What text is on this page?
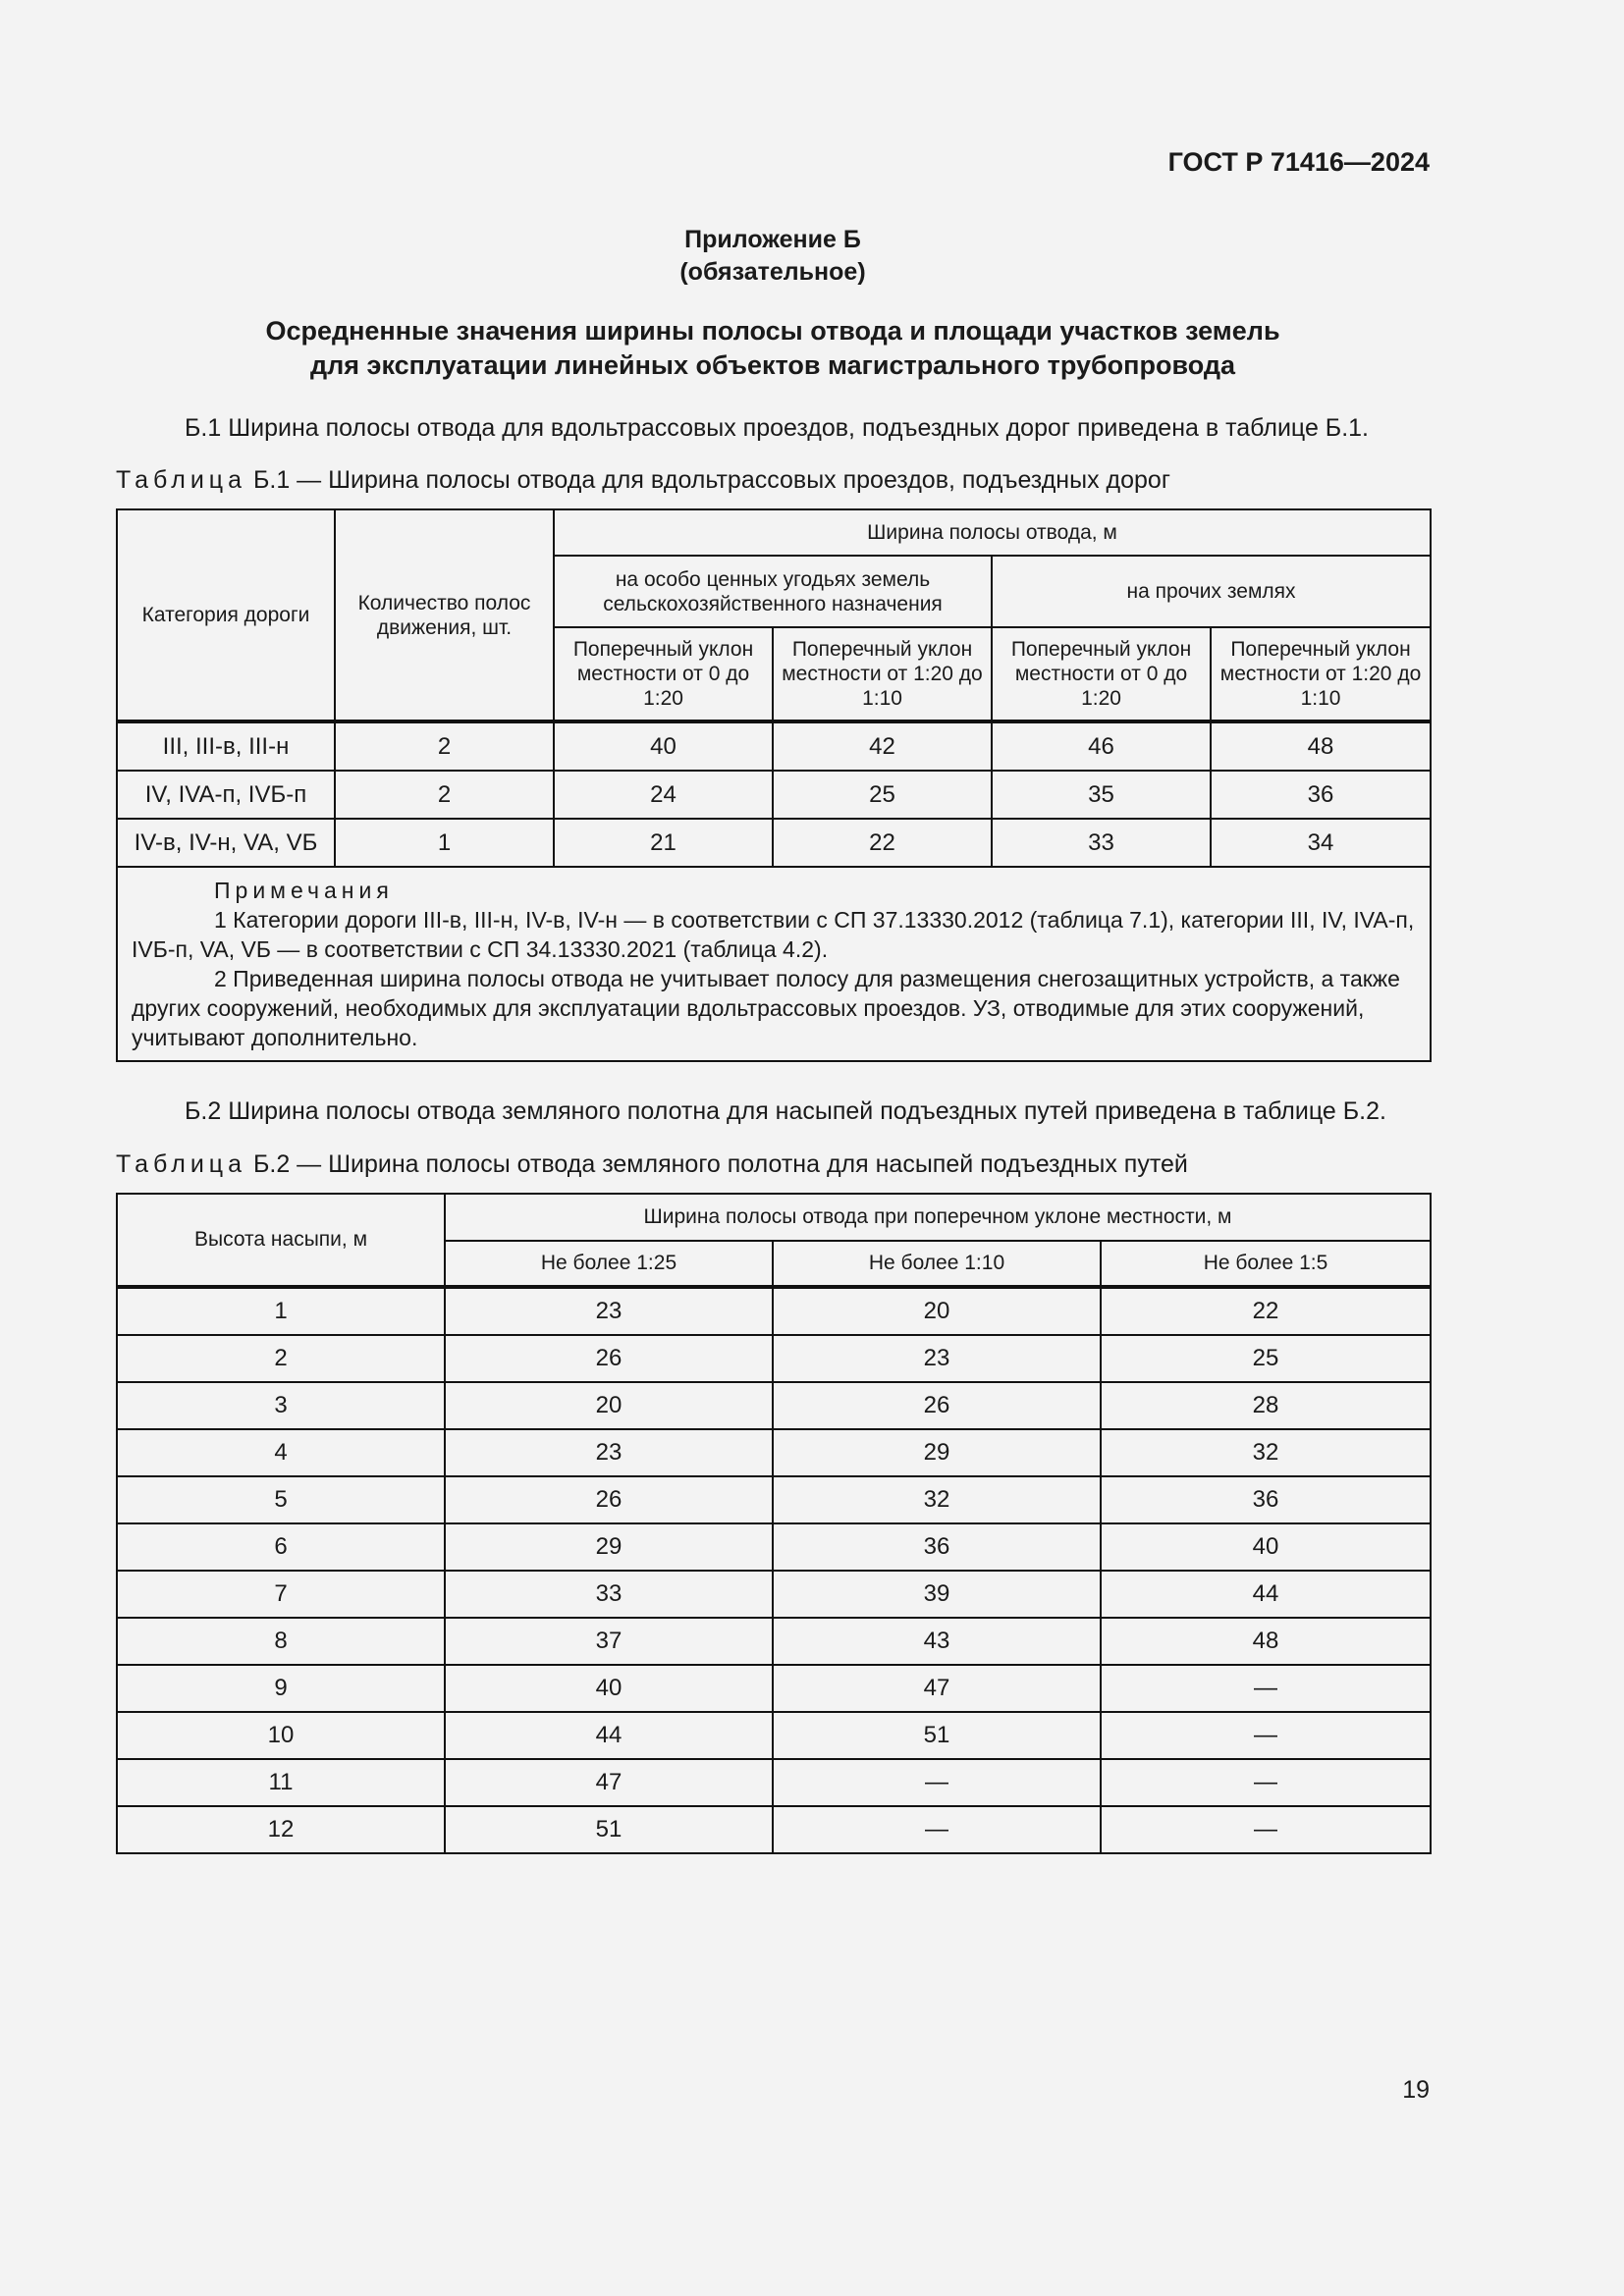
ГОСТ Р 71416—2024
Приложение Б
(обязательное)
Осредненные значения ширины полосы отвода и площади участков земель
для эксплуатации линейных объектов магистрального трубопровода
Б.1 Ширина полосы отвода для вдольтрассовых проездов, подъездных дорог приведена в таблице Б.1.
Таблица Б.1 — Ширина полосы отвода для вдольтрассовых проездов, подъездных дорог
Категория дороги	Количество полос движения, шт.	Ширина полосы отвода, м			
		на особо ценных угодьях земель сельскохозяйственного назначения		на прочих землях	
		Поперечный уклон местности от 0 до 1:20	Поперечный уклон местности от 1:20 до 1:10	Поперечный уклон местности от 0 до 1:20	Поперечный уклон местности от 1:20 до 1:10
III, III-в, III-н	2	40	42	46	48
IV, IVA-п, IVБ-п	2	24	25	35	36
IV-в, IV-н, VA, VБ	1	21	22	33	34

Примечания
1 Категории дороги III-в, III-н, IV-в, IV-н — в соответствии с СП 37.13330.2012 (таблица 7.1), категории III, IV, IVA-п, IVБ-п, VA, VБ — в соответствии с СП 34.13330.2021 (таблица 4.2).
2 Приведенная ширина полосы отвода не учитывает полосу для размещения снегозащитных устройств, а также других сооружений, необходимых для эксплуатации вдольтрассовых проездов. УЗ, отводимые для этих сооружений, учитывают дополнительно.					
Б.2 Ширина полосы отвода земляного полотна для насыпей подъездных путей приведена в таблице Б.2.
Таблица Б.2 — Ширина полосы отвода земляного полотна для насыпей подъездных путей
Высота насыпи, м	Ширина полосы отвода при поперечном уклоне местности, м		
	Не более 1:25	Не более 1:10	Не более 1:5
1	23	20	22
2	26	23	25
3	20	26	28
4	23	29	32
5	26	32	36
6	29	36	40
7	33	39	44
8	37	43	48
9	40	47	—
10	44	51	—
11	47	—	—
12	51	—	—
19
